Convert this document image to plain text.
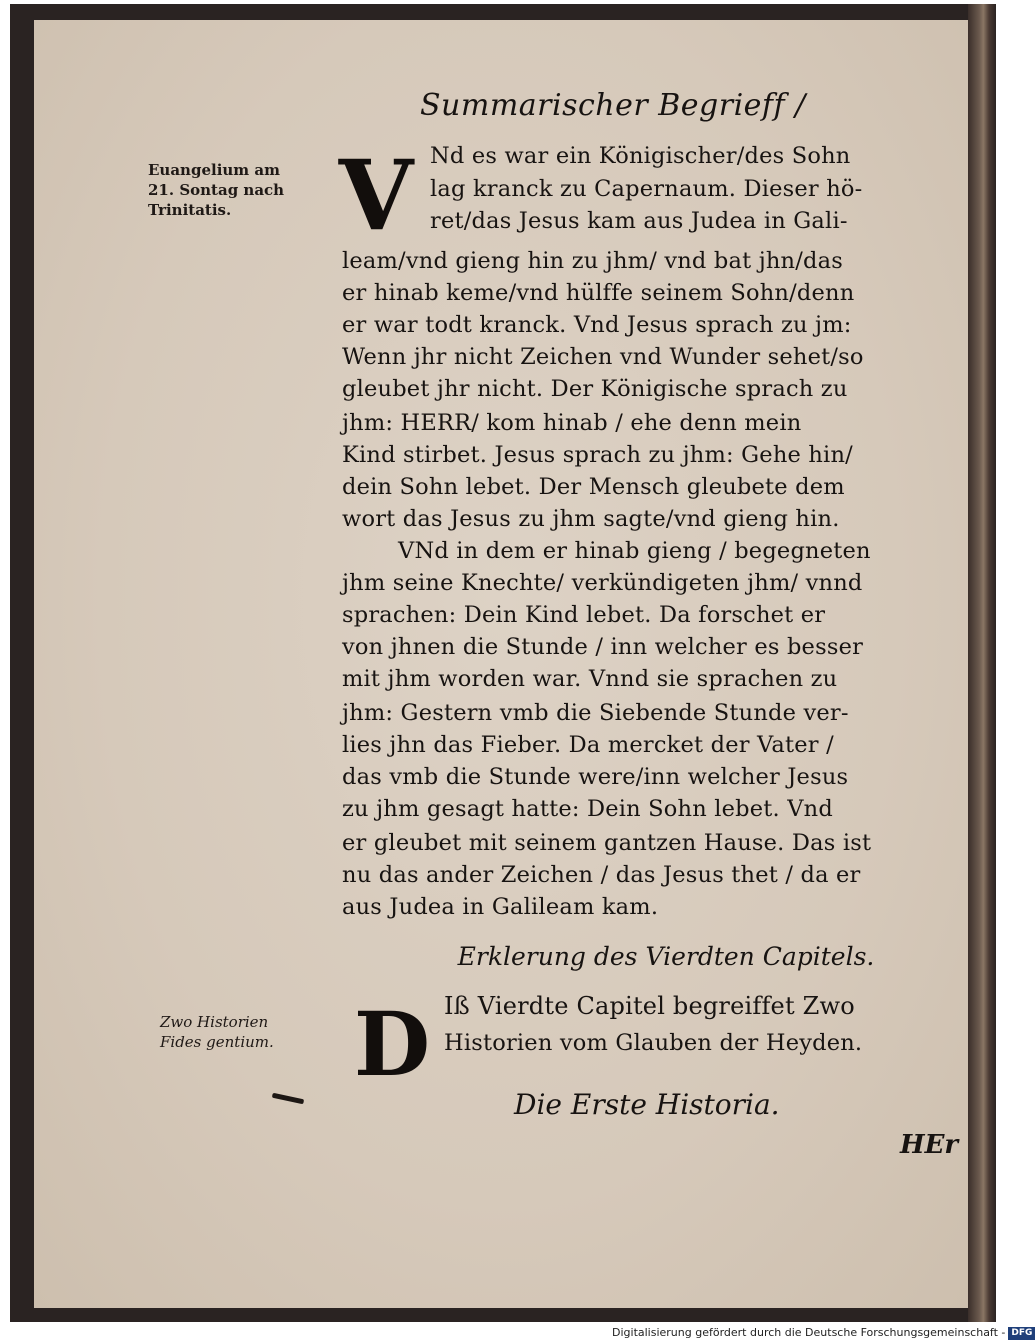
Summarischer Begrieff /
Euangelium am
21. Sontag nach
Trinitatis.	V Nd es war ein Königischer/des Sohn
lag kranck zu Capernaum. Dieser hö-
ret/das Jesus kam aus Judea in Gali-
leam/vnd gieng hin zu jhm/ vnd bat jhn/das
er hinab keme/vnd hülffe seinem Sohn/denn
er war todt kranck. Vnd Jesus sprach zu jm:
Wenn jhr nicht Zeichen vnd Wunder sehet/so
gleubet jhr nicht. Der Königische sprach zu
jhm: HERR/ kom hinab / ehe denn mein
Kind stirbet. Jesus sprach zu jhm: Gehe hin/
dein Sohn lebet. Der Mensch gleubete dem
wort das Jesus zu jhm sagte/vnd gieng hin.
VNd in dem er hinab gieng / begegneten
jhm seine Knechte/ verkündigeten jhm/ vnnd
sprachen: Dein Kind lebet. Da forschet er
von jhnen die Stunde / inn welcher es besser
mit jhm worden war. Vnnd sie sprachen zu
jhm: Gestern vmb die Siebende Stunde ver-
lies jhn das Fieber. Da mercket der Vater /
das vmb die Stunde were/inn welcher Jesus
zu jhm gesagt hatte: Dein Sohn lebet. Vnd
er gleubet mit seinem gantzen Hause. Das ist
nu das ander Zeichen / das Jesus thet / da er
aus Judea in Galileam kam.
Erklerung des Vierdten Capitels.
Zwo Historien
Fides gentium. D Iß Vierdte Capitel begreiffet Zwo
Historien vom Glauben der Heyden.
Die Erste Historia.
HEr
Digitalisierung gefördert durch die Deutsche Forschungsgemeinschaft - DFG
